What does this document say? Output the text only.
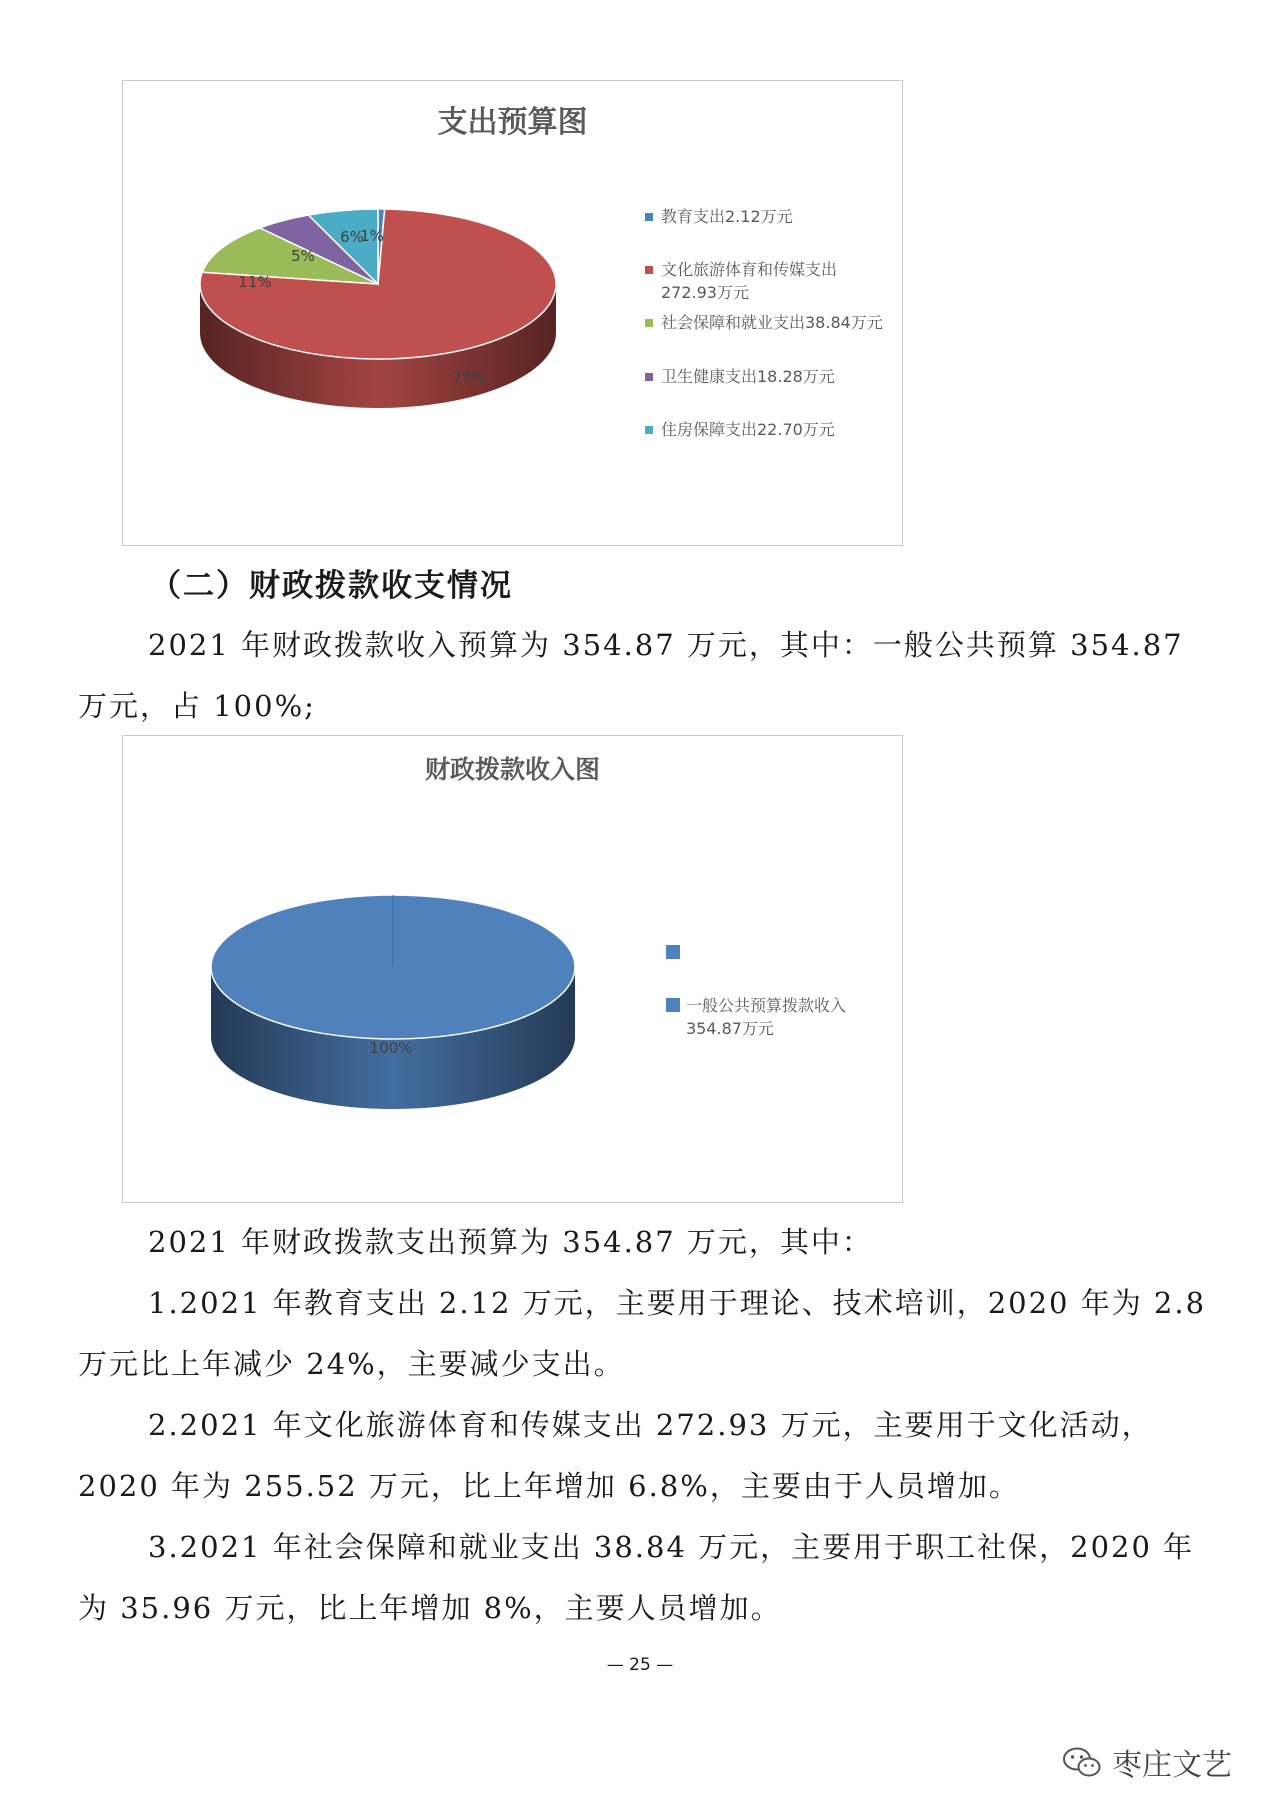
支出预算图
1%
77%
11%
5%
6%
教育支出2.12万元
文化旅游体育和传媒支出272.93万元
社会保障和就业支出38.84万元
卫生健康支出18.28万元
住房保障支出22.70万元
（二）财政拨款收支情况

2021 年财政拨款收入预算为 354.87 万元，其中：一般公共预算 354.87 万元，占 100%;

财政拨款收入图
100%
一般公共预算拨款收入354.87万元

2021 年财政拨款支出预算为 354.87 万元，其中：

1.2021 年教育支出 2.12 万元，主要用于理论、技术培训，2020 年为 2.8 万元比上年减少 24%，主要减少支出。

2.2021 年文化旅游体育和传媒支出 272.93 万元，主要用于文化活动，2020 年为 255.52 万元，比上年增加 6.8%，主要由于人员增加。

3.2021 年社会保障和就业支出 38.84 万元，主要用于职工社保，2020 年为 35.96 万元，比上年增加 8%，主要人员增加。

— 25 —
枣庄文艺
